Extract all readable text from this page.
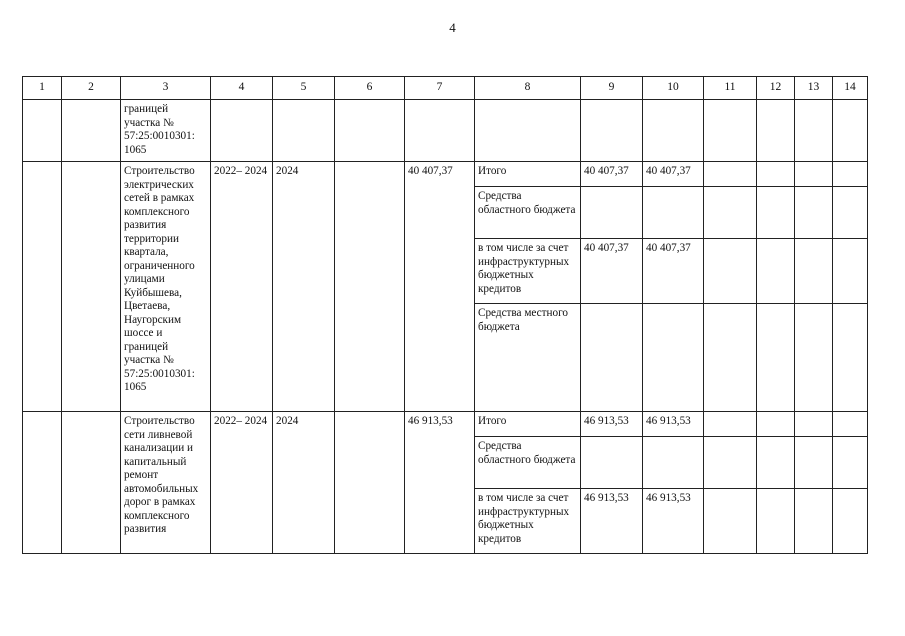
4
1	2	3	4	5	6	7	8	9	10	11	12	13	14
		границей участка № 57:25:0010301: 1065											
		Строительство электрических сетей в рамках комплексного развития территории квартала, ограниченного улицами Куйбышева, Цветаева, Наугорским шоссе и границей участка № 57:25:0010301: 1065	2022– 2024	2024		40 407,37	Итого	40 407,37	40 407,37				
							Средства областного бюджета						
							в том числе за счет инфраструктурных бюджетных кредитов	40 407,37	40 407,37				
							Средства местного бюджета						
		Строительство сети ливневой канализации и капитальный ремонт автомобильных дорог в рамках комплексного развития	2022– 2024	2024		46 913,53	Итого	46 913,53	46 913,53				
							Средства областного бюджета						
							в том числе за счет инфраструктурных бюджетных кредитов	46 913,53	46 913,53				
